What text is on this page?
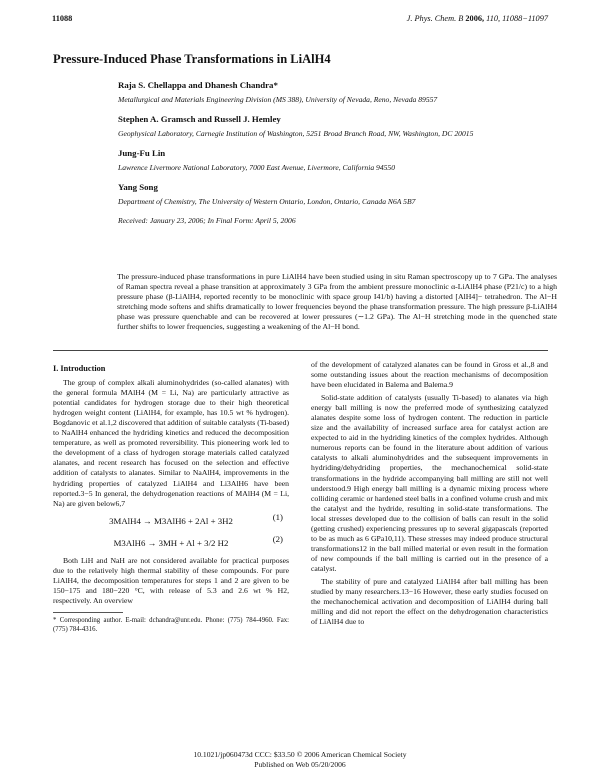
11088	J. Phys. Chem. B 2006, 110, 11088−11097
Pressure-Induced Phase Transformations in LiAlH4
Raja S. Chellappa and Dhanesh Chandra*
Metallurgical and Materials Engineering Division (MS 388), University of Nevada, Reno, Nevada 89557
Stephen A. Gramsch and Russell J. Hemley
Geophysical Laboratory, Carnegie Institution of Washington, 5251 Broad Branch Road, NW, Washington, DC 20015
Jung-Fu Lin
Lawrence Livermore National Laboratory, 7000 East Avenue, Livermore, California 94550
Yang Song
Department of Chemistry, The University of Western Ontario, London, Ontario, Canada N6A 5B7
Received: January 23, 2006; In Final Form: April 5, 2006
The pressure-induced phase transformations in pure LiAlH4 have been studied using in situ Raman spectroscopy up to 7 GPa. The analyses of Raman spectra reveal a phase transition at approximately 3 GPa from the ambient pressure monoclinic α-LiAlH4 phase (P21/c) to a high pressure phase (β-LiAlH4, reported recently to be monoclinic with space group I41/b) having a distorted [AlH4]− tetrahedron. The Al−H stretching mode softens and shifts dramatically to lower frequencies beyond the phase transformation pressure. The high pressure β-LiAlH4 phase was pressure quenchable and can be recovered at lower pressures (∼1.2 GPa). The Al−H stretching mode in the quenched state further shifts to lower frequencies, suggesting a weakening of the Al−H bond.
I. Introduction

The group of complex alkali aluminohydrides (so-called alanates) with the general formula MAlH4 (M = Li, Na) are particularly attractive as potential candidates for hydrogen storage due to their high theoretical hydrogen weight content (LiAlH4, for example, has 10.5 wt % hydrogen). Bogdanovic et al.1,2 discovered that addition of suitable catalysts (Ti-based) to NaAlH4 enhanced the hydriding kinetics and reduced the decomposition temperature, as well as promoted reversibility. This pioneering work led to the development of a class of hydrogen storage materials called catalyzed alanates, and recent research has focused on the selection and effective addition of catalysts to alanates. Similar to NaAlH4, improvements in the hydriding properties of catalyzed LiAlH4 and Li3AlH6 have been reported.3−5 In general, the dehydrogenation reactions of MAlH4 (M = Li, Na) are given below6,7

3MAlH4 → M3AlH6 + 2Al + 3H2	(1)
M3AlH6 → 3MH + Al + 3/2 H2	(2)

Both LiH and NaH are not considered available for practical purposes due to the relatively high thermal stability of these compounds. For pure LiAlH4, the decomposition temperatures for steps 1 and 2 are given to be 150−175 and 180−220 °C, with release of 5.3 and 2.6 wt % H2, respectively. An overview

* Corresponding author. E-mail: dchandra@unr.edu. Phone: (775) 784-4960. Fax: (775) 784-4316.

of the development of catalyzed alanates can be found in Gross et al.,8 and some outstanding issues about the reaction mechanisms of decomposition have been elucidated in Balema and Balema.9

Solid-state addition of catalysts (usually Ti-based) to alanates via high energy ball milling is now the preferred mode of synthesizing catalyzed alanates despite some loss of hydrogen content. The reduction in particle size and the availability of increased surface area for catalyst action are expected to aid in the hydriding kinetics of the complex hydrides. Although numerous reports can be found in the literature about addition of various catalysts to alkali aluminohydrides and the subsequent improvements in hydriding/dehydriding properties, the mechanochemical solid-state transformations in the hydride accompanying ball milling are still not well understood.9 High energy ball milling is a dynamic mixing process where colliding ceramic or hardened steel balls in a confined volume crush and mix the catalyst and the hydride, resulting in solid-state transformations. The local stresses developed due to the collision of balls can result in the solid (getting crushed) experiencing pressures up to several gigapascals (reported to be as much as 6 GPa10,11). These stresses may indeed produce structural transformations12 in the ball milled material or even result in the formation of new compounds if the ball milling is carried out in the presence of a catalyst.

The stability of pure and catalyzed LiAlH4 after ball milling has been studied by many researchers.13−16 However, these early studies focused on the mechanochemical activation and decomposition of LiAlH4 during ball milling and did not report the effect on the dehydrogenation characteristics of LiAlH4 due to

10.1021/jp060473d CCC: $33.50 © 2006 American Chemical Society
Published on Web 05/20/2006
